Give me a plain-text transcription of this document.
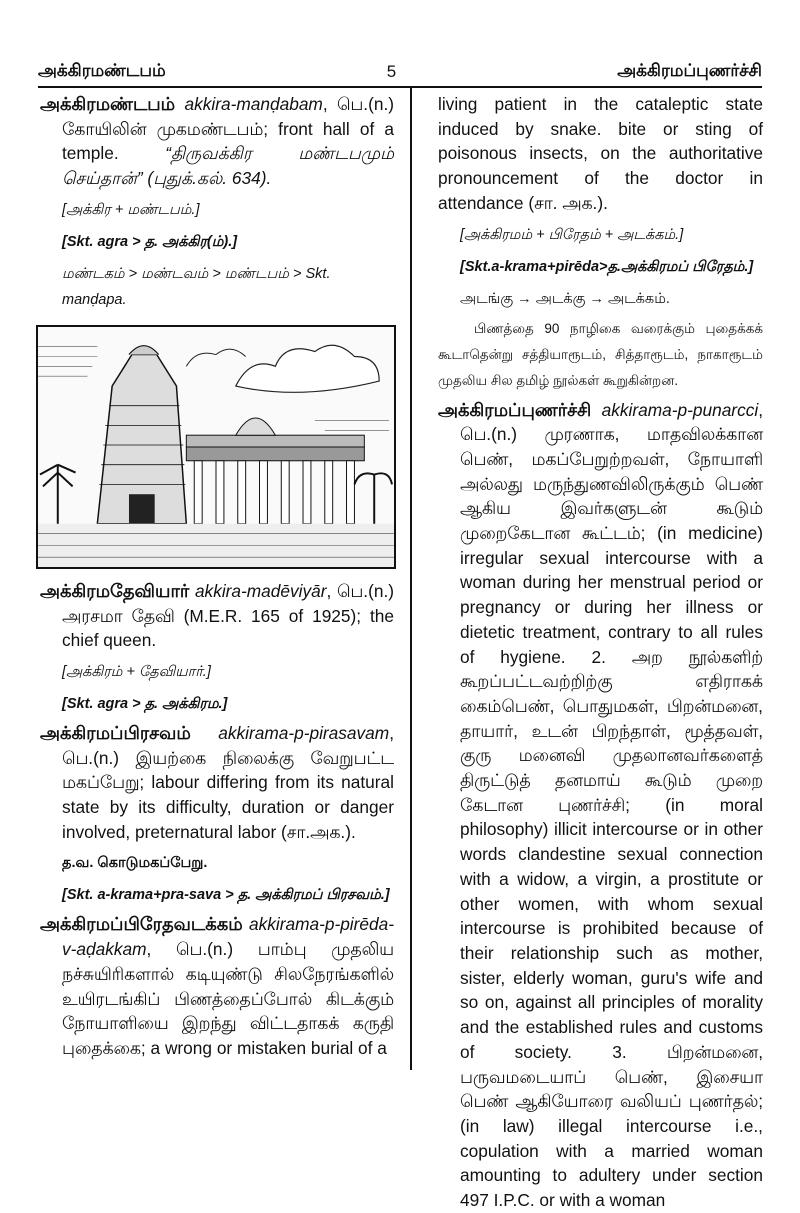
அக்கிரமண்டபம்	5	அக்கிரமப்புணர்ச்சி

அக்கிரமண்டபம் akkira-manḍabam, பெ.(n.) கோயிலின் முகமண்டபம்; front hall of a temple. “திருவக்கிர மண்டபமும் செய்தான்” (புதுக்.கல். 634).

[அக்கிர + மண்டபம்.]
[Skt. agra > த. அக்கிர(ம்).]
மண்டகம் > மண்டவம் > மண்டபம் > Skt. manḍapa.

அக்கிரமதேவியார் akkira-madēviyār, பெ.(n.) அரசமா தேவி (M.E.R. 165 of 1925); the chief queen.

[அக்கிரம் + தேவியார்.]
[Skt. agra > த. அக்கிரம.]

அக்கிரமப்பிரசவம் akkirama-p-pirasavam, பெ.(n.) இயற்கை நிலைக்கு வேறுபட்ட மகப்பேறு; labour differing from its natural state by its difficulty, duration or danger involved, preternatural labor (சா.அக.).

த.வ. கொடுமகப்பேறு.
[Skt. a-krama+pra-sava > த. அக்கிரமப் பிரசவம்.]

அக்கிரமப்பிரேதவடக்கம் akkirama-p-pirēda-v-aḍakkam, பெ.(n.) பாம்பு முதலிய நச்சுயிரிகளால் கடியுண்டு சிலநேரங்களில் உயிரடங்கிப் பிணத்தைப்போல் கிடக்கும் நோயாளியை இறந்து விட்டதாகக் கருதி புதைக்கை; a wrong or mistaken burial of a

living patient in the cataleptic state induced by snake. bite or sting of poisonous insects, on the authoritative pronouncement of the doctor in attendance (சா. அக.).

[அக்கிரமம் + பிரேதம் + அடக்கம்.]
[Skt.a-krama+pirēda>த.அக்கிரமப் பிரேதம்.]
அடங்கு → அடக்கு → அடக்கம்.

பிணத்தை 90 நாழிகை வரைக்கும் புதைக்கக் கூடாதென்று சத்தியாரூடம், சித்தாரூடம், நாகாரூடம் முதலிய சில தமிழ் நூல்கள் கூறுகின்றன.

அக்கிரமப்புணர்ச்சி akkirama-p-punarcci, பெ.(n.) முரணாக, மாதவிலக்கான பெண், மகப்பேறுற்றவள், நோயாளி அல்லது மருந்துணவிலிருக்கும் பெண் ஆகிய இவர்களுடன் கூடும் முறைகேடான கூட்டம்; (in medicine) irregular sexual intercourse with a woman during her menstrual period or pregnancy or during her illness or dietetic treatment, contrary to all rules of hygiene. 2. அற நூல்களிற் கூறப்பட்டவற்றிற்கு எதிராகக் கைம்பெண், பொதுமகள், பிறன்மனை, தாயார், உடன் பிறந்தாள், மூத்தவள், குரு மனைவி முதலானவர்களைத் திருட்டுத் தனமாய் கூடும் முறை கேடான புணர்ச்சி; (in moral philosophy) illicit intercourse or in other words clandestine sexual connection with a widow, a virgin, a prostitute or other women, with whom sexual intercourse is prohibited because of their relationship such as mother, sister, elderly woman, guru's wife and so on, against all principles of morality and the established rules and customs of society. 3. பிறன்மனை, பருவமடையாப் பெண், இசையா பெண் ஆகியோரை வலியப் புணர்தல்; (in law) illegal intercourse i.e., copulation with a married woman amounting to adultery under section 497 I.P.C. or with a woman
